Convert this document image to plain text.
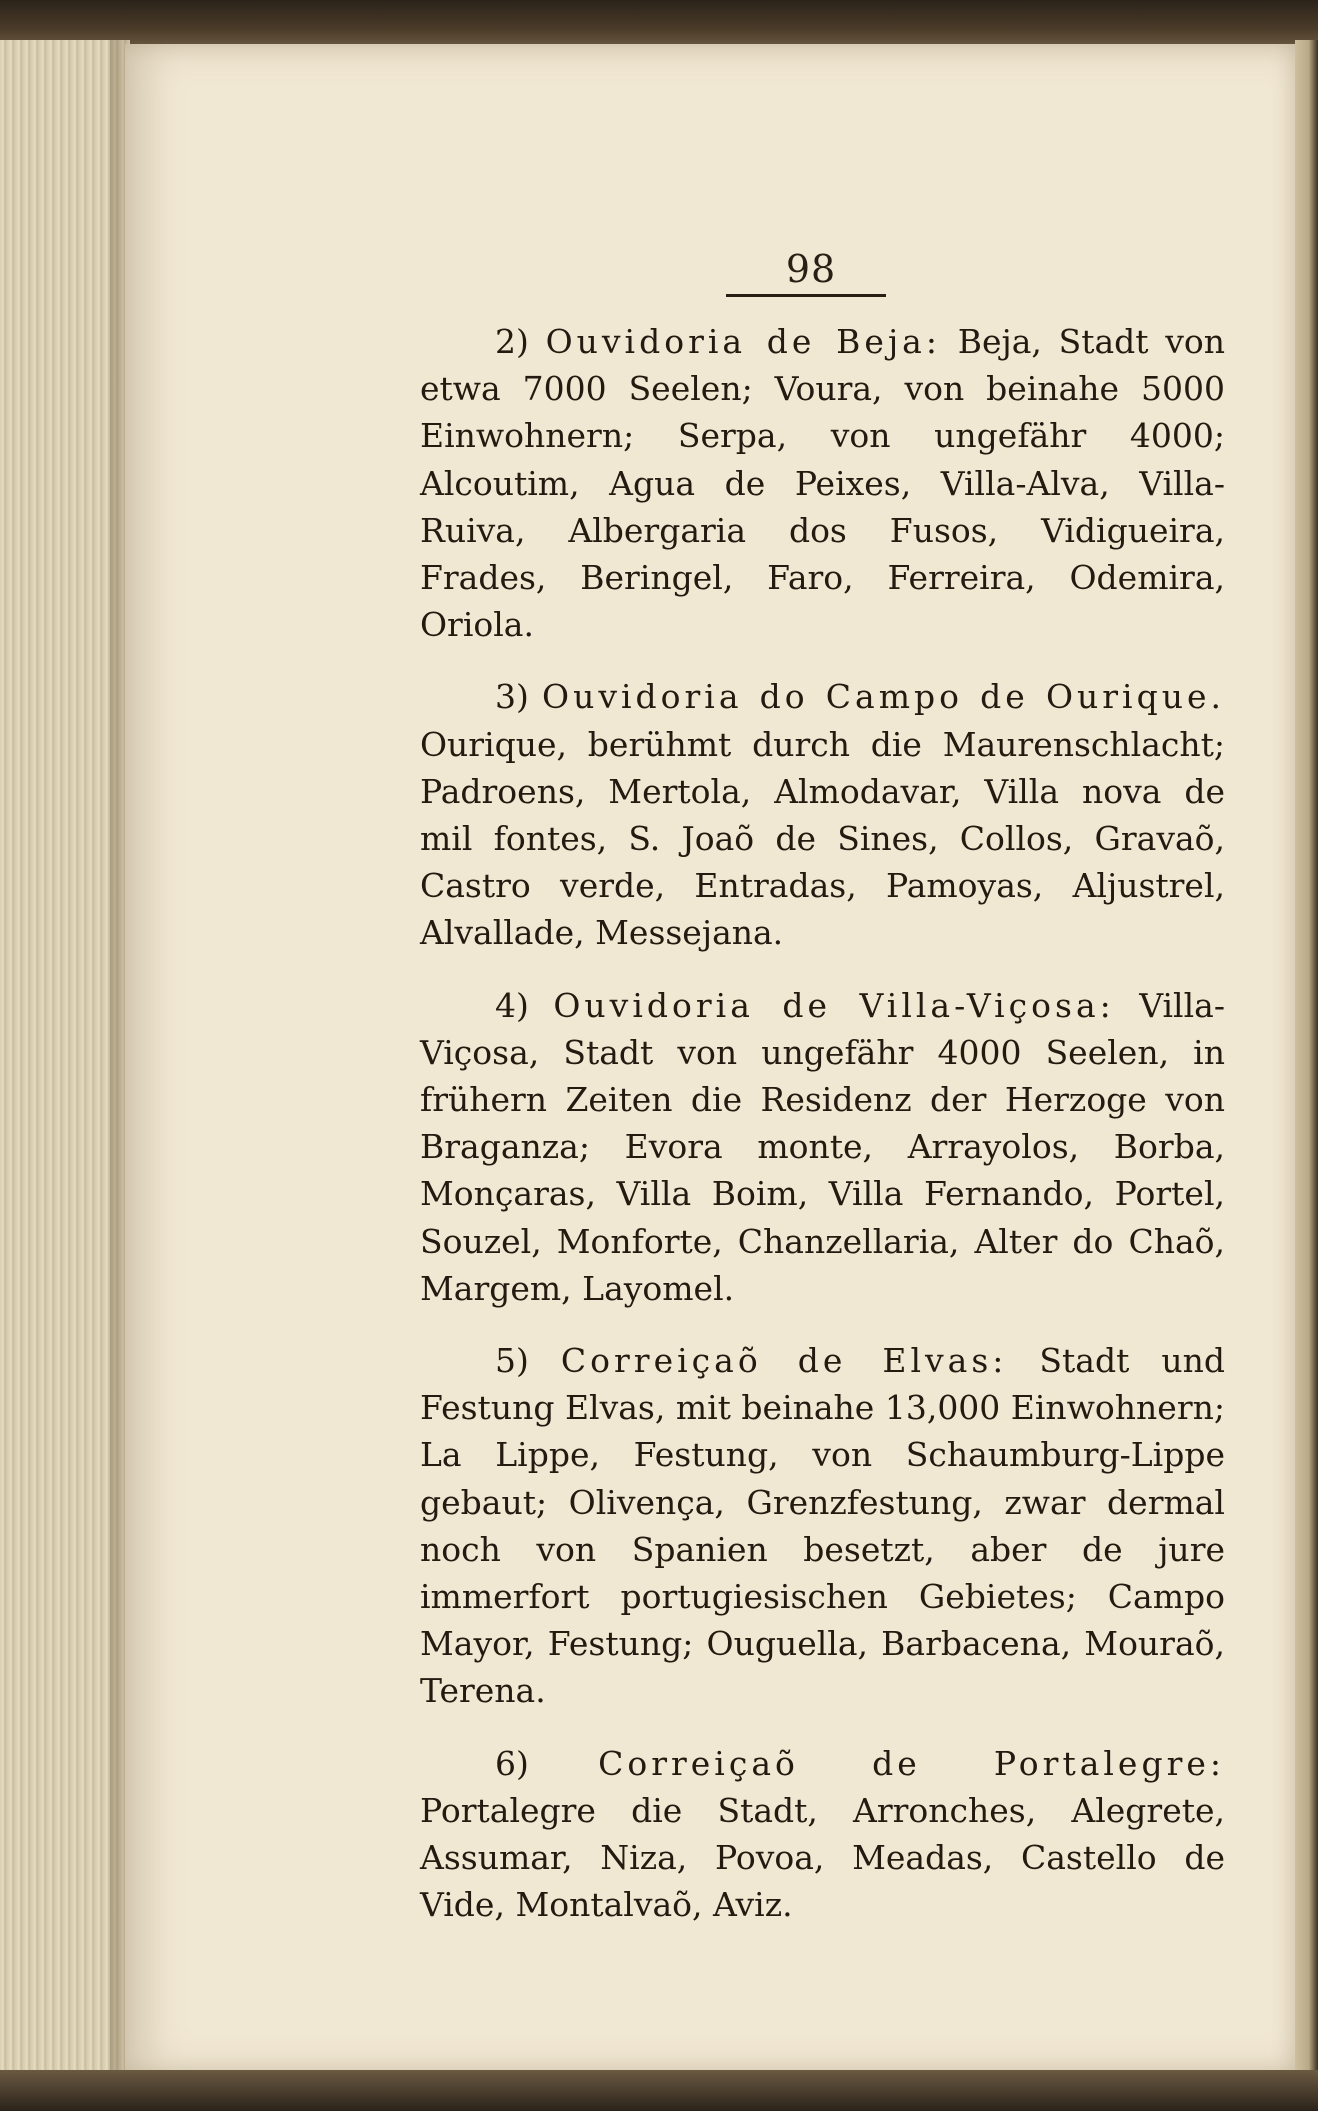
98

2) Ouvidoria de Beja: Beja, Stadt von etwa 7000 Seelen; Voura, von beinahe 5000 Einwohnern; Serpa, von ungefähr 4000; Alcoutim, Agua de Peixes, Villa-Alva, Villa-Ruiva, Albergaria dos Fusos, Vidigueira, Frades, Beringel, Faro, Ferreira, Odemira, Oriola.

3) Ouvidoria do Campo de Ourique. Ourique, berühmt durch die Maurenschlacht; Padroens, Mertola, Almodavar, Villa nova de mil fontes, S. Joaõ de Sines, Collos, Gravaõ, Castro verde, Entradas, Pamoyas, Aljustrel, Alvallade, Messejana.

4) Ouvidoria de Villa-Viçosa: Villa-Viçosa, Stadt von ungefähr 4000 Seelen, in frühern Zeiten die Residenz der Herzoge von Braganza; Evora monte, Arrayolos, Borba, Monçaras, Villa Boim, Villa Fernando, Portel, Souzel, Monforte, Chanzellaria, Alter do Chaõ, Margem, Layomel.

5) Correiçaõ de Elvas: Stadt und Festung Elvas, mit beinahe 13,000 Einwohnern; La Lippe, Festung, von Schaumburg-Lippe gebaut; Olivença, Grenzfestung, zwar dermal noch von Spanien besetzt, aber de jure immerfort portugiesischen Gebietes; Campo Mayor, Festung; Ouguella, Barbacena, Mouraõ, Terena.

6) Correiçaõ de Portalegre: Portalegre die Stadt, Arronches, Alegrete, Assumar, Niza, Povoa, Meadas, Castello de Vide, Montalvaõ, Aviz.
